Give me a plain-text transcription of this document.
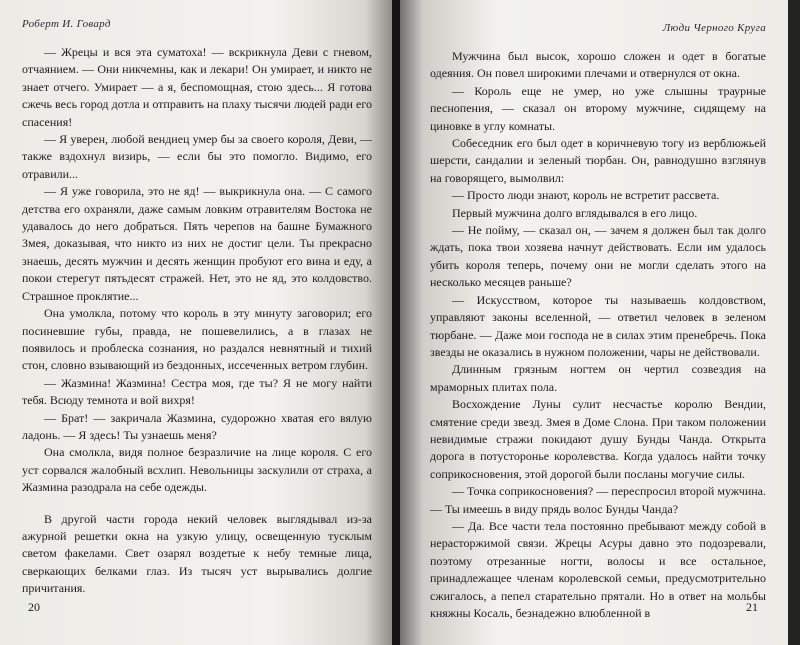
Роберт И. Говард

— Жрецы и вся эта суматоха! — вскрикнула Деви с гневом, отчаянием. — Они никчемны, как и лекари! Он умирает, и никто не знает отчего. Умирает — а я, беспомощная, стою здесь... Я готова сжечь весь город дотла и отправить на плаху тысячи людей ради его спасения!

— Я уверен, любой вендиец умер бы за своего короля, Деви, — также вздохнул визирь, — если бы это помогло. Видимо, его отравили...

— Я уже говорила, это не яд! — выкрикнула она. — С самого детства его охраняли, даже самым ловким отравителям Востока не удавалось до него добраться. Пять черепов на башне Бумажного Змея, доказывая, что никто из них не достиг цели. Ты прекрасно знаешь, десять мужчин и десять женщин пробуют его вина и еду, а покои стерегут пятьдесят стражей. Нет, это не яд, это колдовство. Страшное проклятие...

Она умолкла, потому что король в эту минуту заговорил; его посиневшие губы, правда, не пошевелились, а в глазах не появилось и проблеска сознания, но раздался невнятный и тихий стон, словно взывающий из бездонных, иссеченных ветром глубин.

— Жазмина! Жазмина! Сестра моя, где ты? Я не могу найти тебя. Всюду темнота и вой вихря!

— Брат! — закричала Жазмина, судорожно хватая его вялую ладонь. — Я здесь! Ты узнаешь меня?

Она смолкла, видя полное безразличие на лице короля. С его уст сорвался жалобный всхлип. Невольницы заскулили от страха, а Жазмина разодрала на себе одежды.

В другой части города некий человек выглядывал из-за ажурной решетки окна на узкую улицу, освещенную тусклым светом факелами. Свет озарял воздетые к небу темные лица, сверкающих белками глаз. Из тысяч уст вырывались долгие причитания.

20
Люди Черного Круга

Мужчина был высок, хорошо сложен и одет в богатые одеяния. Он повел широкими плечами и отвернулся от окна.

— Король еще не умер, но уже слышны траурные песнопения, — сказал он второму мужчине, сидящему на циновке в углу комнаты.

Собеседник его был одет в коричневую тогу из верблюжьей шерсти, сандалии и зеленый тюрбан. Он, равнодушно взглянув на говорящего, вымолвил:

— Просто люди знают, король не встретит рассвета.

Первый мужчина долго вглядывался в его лицо.

— Не пойму, — сказал он, — зачем я должен был так долго ждать, пока твои хозяева начнут действовать. Если им удалось убить короля теперь, почему они не могли сделать этого на несколько месяцев раньше?

— Искусством, которое ты называешь колдовством, управляют законы вселенной, — ответил человек в зеленом тюрбане. — Даже мои господа не в силах этим пренебречь. Пока звезды не оказались в нужном положении, чары не действовали.

Длинным грязным ногтем он чертил созвездия на мраморных плитах пола.

Восхождение Луны сулит несчастье королю Вендии, смятение среди звезд. Змея в Доме Слона. При таком положении невидимые стражи покидают душу Бунды Чанда. Открыта дорога в потусторонье королевства. Когда удалось найти точку соприкосновения, этой дорогой были посланы могучие силы.

— Точка соприкосновения? — переспросил второй мужчина. — Ты имеешь в виду прядь волос Бунды Чанда?

— Да. Все части тела постоянно пребывают между собой в нерасторжимой связи. Жрецы Асуры давно это подозревали, поэтому отрезанные ногти, волосы и все остальное, принадлежащее членам королевской семьи, предусмотрительно сжигалось, а пепел старательно прятали. Но в ответ на мольбы княжны Косаль, безнадежно влюбленной в	21
